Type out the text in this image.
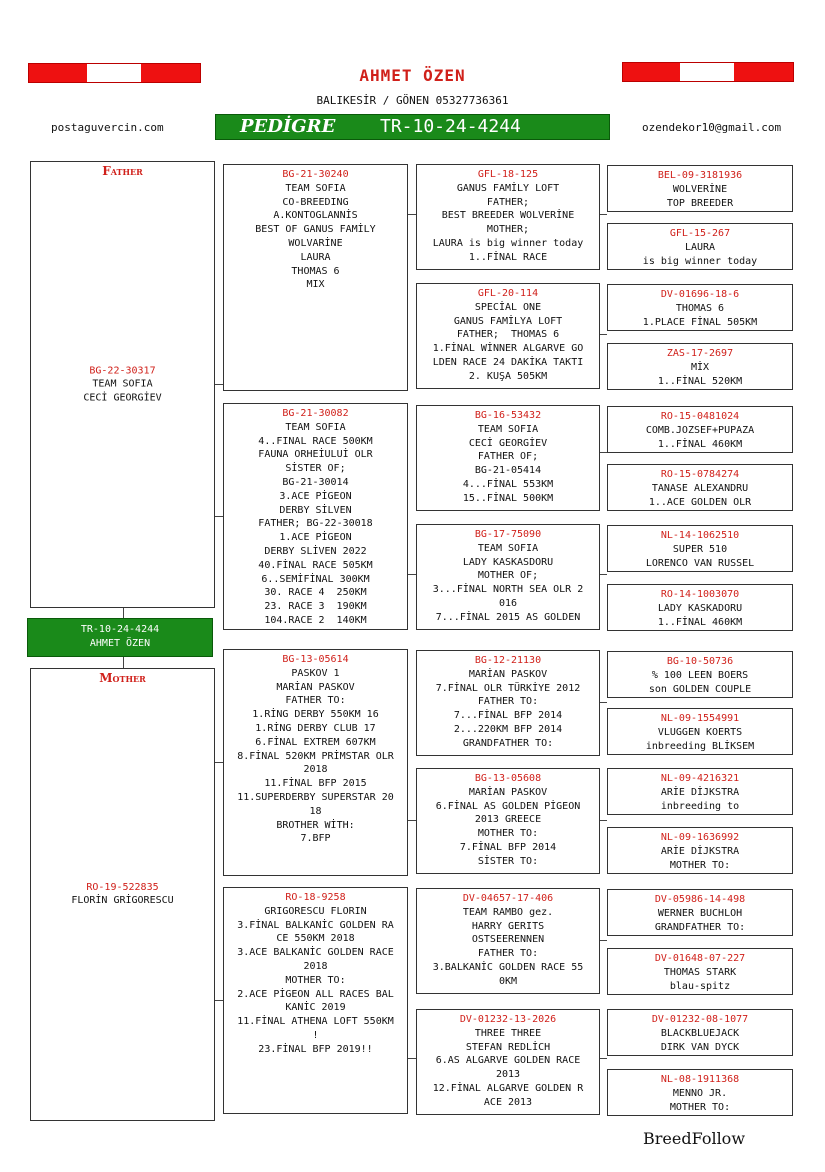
AHMET ÖZEN
BALIKESİR / GÖNEN 05327736361
postaguvercin.com	ozendekor10@gmail.com
PEDİGRE TR-10-24-4244
Father
BG-22-30317
TEAM SOFIA
CECİ GEORGİEV
TR-10-24-4244
AHMET ÖZEN
Mother
RO-19-522835
FLORİN GRİGORESCU
BG-21-30240
TEAM SOFIA
CO-BREEDING
A.KONTOGLANNİS
BEST OF GANUS FAMİLY
WOLVARİNE
LAURA
THOMAS 6
MIX
BG-21-30082
TEAM SOFIA
4..FINAL RACE 500KM
FAUNA ORHEİULUİ OLR
SİSTER OF;
BG-21-30014
3.ACE PİGEON
DERBY SİLVEN
FATHER; BG-22-30018
1.ACE PİGEON
DERBY SLİVEN 2022
40.FİNAL RACE 505KM
6..SEMİFİNAL 300KM
30. RACE 4  250KM
23. RACE 3  190KM
104.RACE 2  140KM
BG-13-05614
PASKOV 1
MARİAN PASKOV
FATHER TO:
1.RİNG DERBY 550KM 16
1.RİNG DERBY CLUB 17
6.FİNAL EXTREM 607KM
8.FİNAL 520KM PRİMSTAR OLR
2018
11.FİNAL BFP 2015
11.SUPERDERBY SUPERSTAR 20
18
BROTHER WİTH:
7.BFP
RO-18-9258
GRIGORESCU FLORIN
3.FİNAL BALKANİC GOLDEN RA
CE 550KM 2018
3.ACE BALKANİC GOLDEN RACE
2018
MOTHER TO:
2.ACE PİGEON ALL RACES BAL
KANİC 2019
11.FİNAL ATHENA LOFT 550KM
!
23.FİNAL BFP 2019!!
GFL-18-125
GANUS FAMİLY LOFT
FATHER;
BEST BREEDER WOLVERİNE
MOTHER;
LAURA is big winner today
1..FİNAL RACE
GFL-20-114
SPECİAL ONE
GANUS FAMİLYA LOFT
FATHER;  THOMAS 6
1.FİNAL WİNNER ALGARVE GO
LDEN RACE 24 DAKİKA TAKTI
2. KUŞA 505KM
BG-16-53432
TEAM SOFIA
CECİ GEORGİEV
FATHER OF;
BG-21-05414
4...FİNAL 553KM
15..FİNAL 500KM
BG-17-75090
TEAM SOFIA
LADY KASKASDORU
MOTHER OF;
3...FİNAL NORTH SEA OLR 2
016
7...FİNAL 2015 AS GOLDEN
BG-12-21130
MARİAN PASKOV
7.FİNAL OLR TÜRKİYE 2012
FATHER TO:
7...FİNAL BFP 2014
2...220KM BFP 2014
GRANDFATHER TO:
BG-13-05608
MARİAN PASKOV
6.FİNAL AS GOLDEN PİGEON
2013 GREECE
MOTHER TO:
7.FİNAL BFP 2014
SİSTER TO:
DV-04657-17-406
TEAM RAMBO gez.
HARRY GERITS
OSTSEERENNEN
FATHER TO:
3.BALKANİC GOLDEN RACE 55
0KM
DV-01232-13-2026
THREE THREE
STEFAN REDLİCH
6.AS ALGARVE GOLDEN RACE
2013
12.FİNAL ALGARVE GOLDEN R
ACE 2013
BEL-09-3181936
WOLVERİNE
TOP BREEDER
GFL-15-267
LAURA
is big winner today
DV-01696-18-6
THOMAS 6
1.PLACE FİNAL 505KM
ZAS-17-2697
MİX
1..FİNAL 520KM
RO-15-0481024
COMB.JOZSEF+PUPAZA
1..FİNAL 460KM
RO-15-0784274
TANASE ALEXANDRU
1..ACE GOLDEN OLR
NL-14-1062510
SUPER 510
LORENCO VAN RUSSEL
RO-14-1003070
LADY KASKADORU
1..FİNAL 460KM
BG-10-50736
% 100 LEEN BOERS
son GOLDEN COUPLE
NL-09-1554991
VLUGGEN KOERTS
inbreeding BLİKSEM
NL-09-4216321
ARİE DİJKSTRA
inbreeding to
NL-09-1636992
ARİE DİJKSTRA
MOTHER TO:
DV-05986-14-498
WERNER BUCHLOH
GRANDFATHER TO:
DV-01648-07-227
THOMAS STARK
blau-spitz
DV-01232-08-1077
BLACKBLUEJACK
DIRK VAN DYCK
NL-08-1911368
MENNO JR.
MOTHER TO:
BreedFollow
